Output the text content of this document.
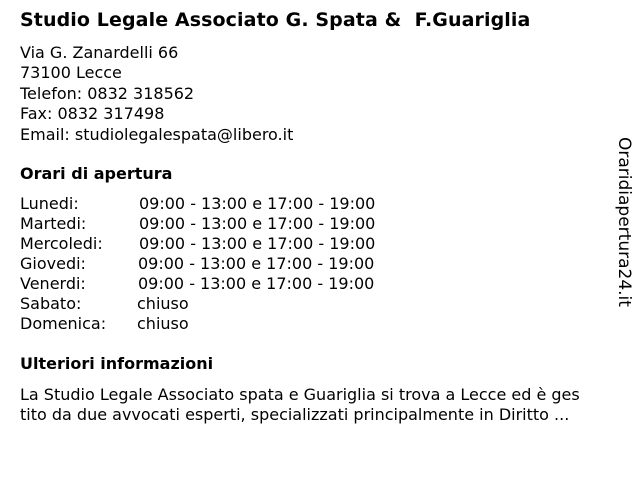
Studio Legale Associato G. Spata &  F.Guariglia
Via G. Zanardelli 66
73100 Lecce
Telefon: 0832 318562
Fax: 0832 317498
Email: studiolegalespata@libero.it
Orari di apertura
Lunedi:	09:00 - 13:00 e 17:00 - 19:00
Martedi:	09:00 - 13:00 e 17:00 - 19:00
Mercoledi: 09:00 - 13:00 e 17:00 - 19:00
Giovedi:	09:00 - 13:00 e 17:00 - 19:00
Venerdi:	09:00 - 13:00 e 17:00 - 19:00
Sabato:	chiuso
Domenica: chiuso
Ulteriori informazioni
La Studio Legale Associato spata e Guariglia si trova a Lecce ed è ges
tito da due avvocati esperti, specializzati principalmente in Diritto ...
Oraridiapertura24.it
